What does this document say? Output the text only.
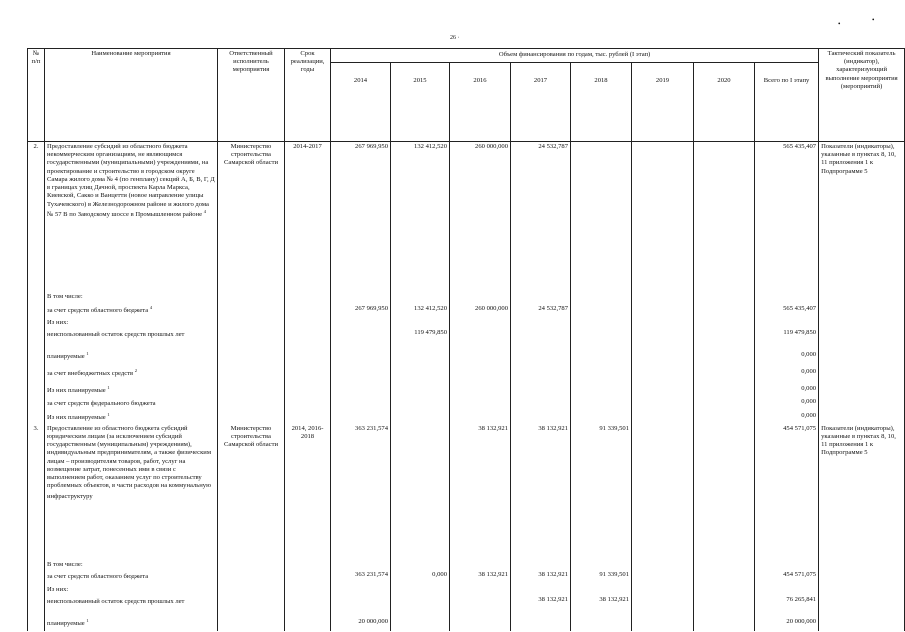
26 ·
•	•
№ п/п	Наименование мероприятия	Ответственный исполнитель мероприятия	Срок реализации, годы	Объем финансирования по годам, тыс. рублей (I этап)								Тактический показатель (индикатор), характеризующий выполнение мероприятия (мероприятий)
				2014	2015	2016	2017	2018	2019	2020	Всего по I этапу	
2.	Предоставление субсидий из областного бюджета некоммерческим организациям, не являющимся государственными (муниципальными) учреждениями, на проектирование и строительство в городском округе Самара жилого дома № 4 (по генплану) секций А, Б, В, Г, Д в границах улиц Дачной, проспекта Карла Маркса, Киевской, Сакко и Ванцетти (новое направление улицы Тухачевского) в Железнодорожном районе и жилого дома № 57 В по Заводскому шоссе в Промышленном районе $^4$	Министерство строительства Самарской области	2014-2017	267 969,950	132 412,520	260 000,000	24 532,787				565 435,407	Показатели (индикаторы), указанные в пунктах 8, 10, 11 приложения 1 к Подпрограмме 5
	В том числе:											
	за счет средств областного бюджета $^4$			267 969,950	132 412,520	260 000,000	24 532,787				565 435,407	
	Из них:											
	неиспользованный остаток средств прошлых лет				119 479,850						119 479,850	
	планируемые $^1$										0,000	
	за счет внебюджетных средств $^2$										0,000	
	Из них планируемые $^1$										0,000	
	за счет средств федерального бюджета										0,000	
	Из них планируемые $^1$										0,000	
3.	Предоставление из областного бюджета субсидий юридическим лицам (за исключением субсидий государственным (муниципальным) учреждениям), индивидуальным предпринимателям, а также физическим лицам – производителям товаров, работ, услуг на возмещение затрат, понесенных ими в связи с выполнением работ, оказанием услуг по строительству проблемных объектов, в части расходов на коммунальную инфраструктуру	Министерство строительства Самарской области	2014, 2016-2018	363 231,574		38 132,921	38 132,921	91 339,501			454 571,075	Показатели (индикаторы), указанные в пунктах 8, 10, 11 приложения 1 к Подпрограмме 5
	В том числе:											
	за счет средств областного бюджета			363 231,574	0,000	38 132,921	38 132,921	91 339,501			454 571,075	
	Из них:											
	неиспользованный остаток средств прошлых лет						38 132,921	38 132,921			76 265,841	
	планируемые $^1$			20 000,000							20 000,000	
